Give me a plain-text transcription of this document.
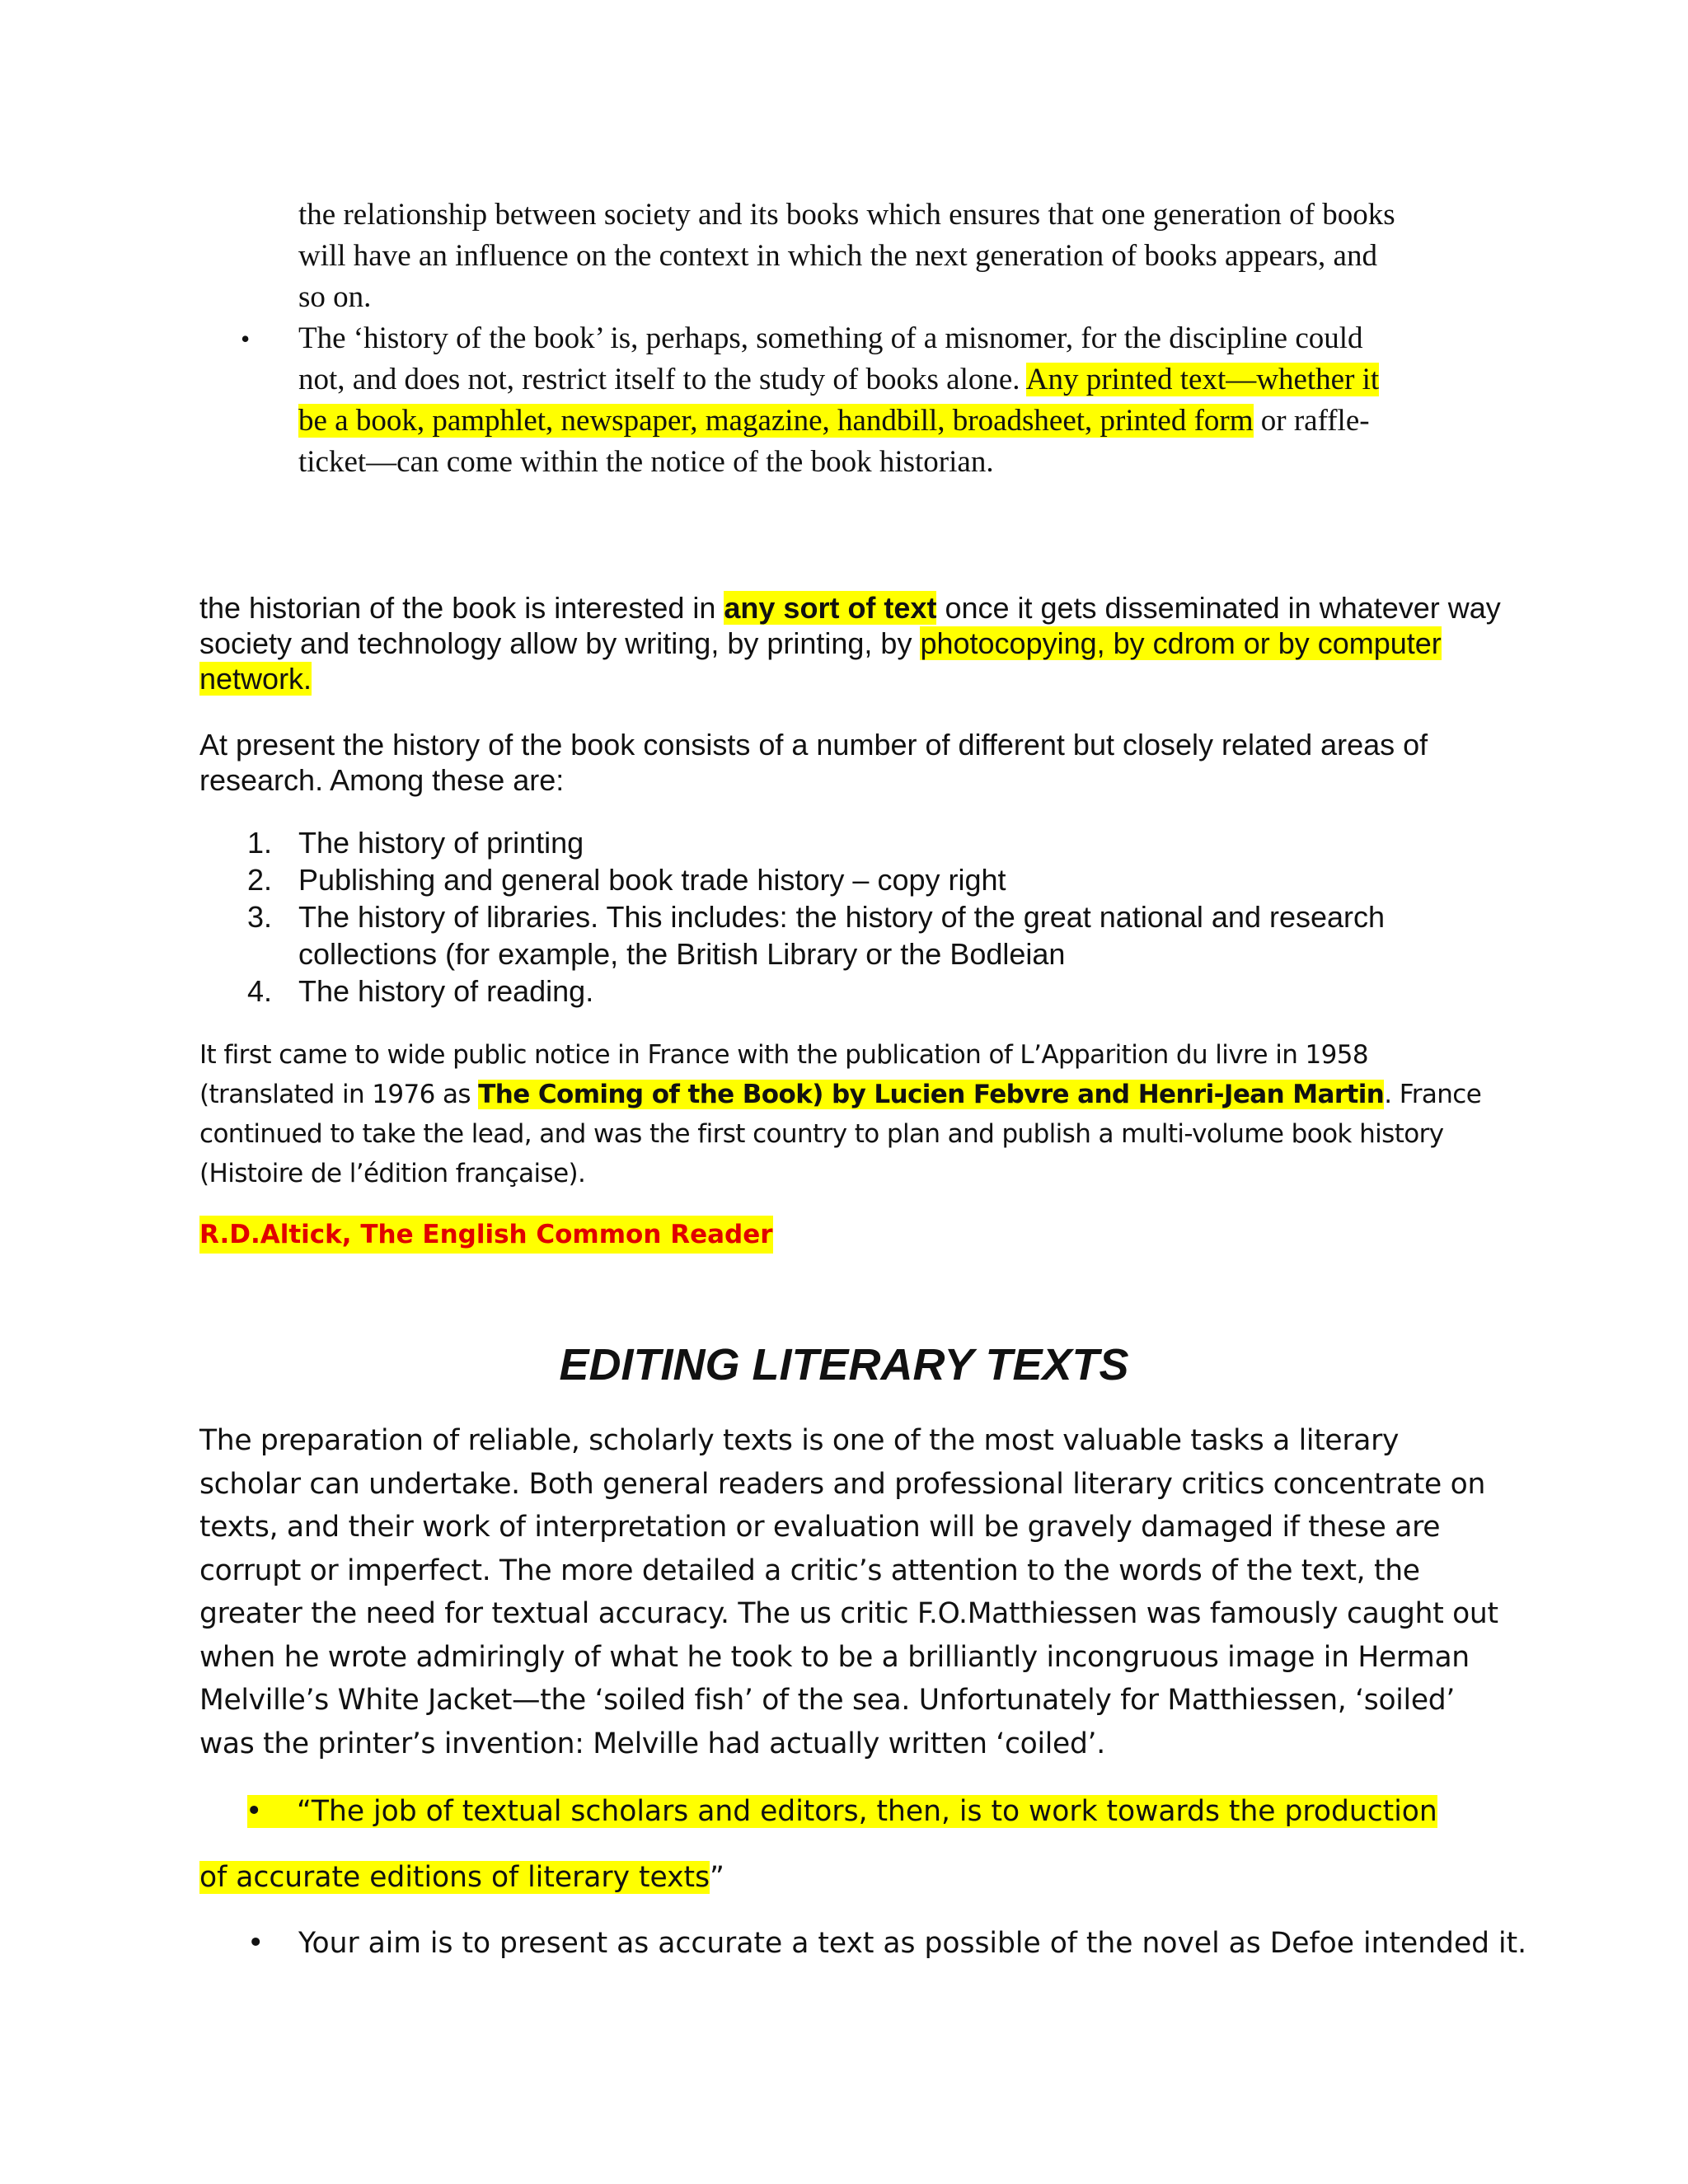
the relationship between society and its books which ensures that one generation of books will have an influence on the context in which the next generation of books appears, and so on.

• The ‘history of the book’ is, perhaps, something of a misnomer, for the discipline could not, and does not, restrict itself to the study of books alone. Any printed text—whether it be a book, pamphlet, newspaper, magazine, handbill, broadsheet, printed form or raffle-ticket—can come within the notice of the book historian.

the historian of the book is interested in any sort of text once it gets disseminated in whatever way society and technology allow by writing, by printing, by photocopying, by cdrom or by computer network.

At present the history of the book consists of a number of different but closely related areas of research. Among these are:

1. The history of printing
2. Publishing and general book trade history – copy right
3. The history of libraries. This includes: the history of the great national and research collections (for example, the British Library or the Bodleian
4. The history of reading.

It first came to wide public notice in France with the publication of L’Apparition du livre in 1958 (translated in 1976 as The Coming of the Book) by Lucien Febvre and Henri-Jean Martin. France continued to take the lead, and was the first country to plan and publish a multi-volume book history (Histoire de l’édition française).

R.D.Altick, The English Common Reader

EDITING LITERARY TEXTS

The preparation of reliable, scholarly texts is one of the most valuable tasks a literary scholar can undertake. Both general readers and professional literary critics concentrate on texts, and their work of interpretation or evaluation will be gravely damaged if these are corrupt or imperfect. The more detailed a critic’s attention to the words of the text, the greater the need for textual accuracy. The us critic F.O.Matthiessen was famously caught out when he wrote admiringly of what he took to be a brilliantly incongruous image in Herman Melville’s White Jacket—the ‘soiled fish’ of the sea. Unfortunately for Matthiessen, ‘soiled’ was the printer’s invention: Melville had actually written ‘coiled’.

• “The job of textual scholars and editors, then, is to work towards the production

of accurate editions of literary texts”

• Your aim is to present as accurate a text as possible of the novel as Defoe intended it.
